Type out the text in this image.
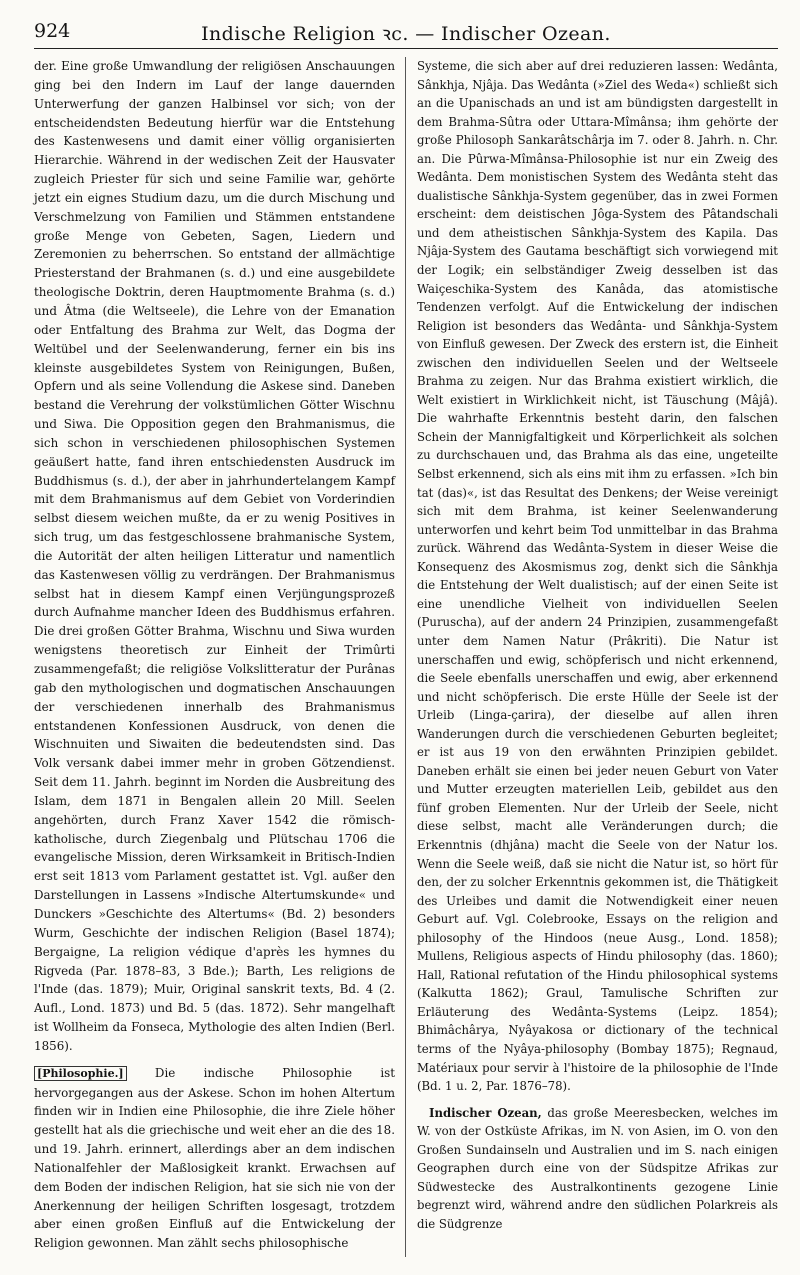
924	Indische Religion ꝛc. — Indischer Ozean.

der. Eine große Umwandlung der religiösen Anschauungen ging bei den Indern im Lauf der lange dauernden Unterwerfung der ganzen Halbinsel vor sich; von der entscheidendsten Bedeutung hierfür war die Entstehung des Kastenwesens und damit einer völlig organisierten Hierarchie. Während in der wedischen Zeit der Hausvater zugleich Priester für sich und seine Familie war, gehörte jetzt ein eignes Studium dazu, um die durch Mischung und Verschmelzung von Familien und Stämmen entstandene große Menge von Gebeten, Sagen, Liedern und Zeremonien zu beherrschen. So entstand der allmächtige Priesterstand der Brahmanen (s. d.) und eine ausgebildete theologische Doktrin, deren Hauptmomente Brahma (s. d.) und Âtma (die Weltseele), die Lehre von der Emanation oder Entfaltung des Brahma zur Welt, das Dogma der Weltübel und der Seelenwanderung, ferner ein bis ins kleinste ausgebildetes System von Reinigungen, Bußen, Opfern und als seine Vollendung die Askese sind. Daneben bestand die Verehrung der volkstümlichen Götter Wischnu und Siwa. Die Opposition gegen den Brahmanismus, die sich schon in verschiedenen philosophischen Systemen geäußert hatte, fand ihren entschiedensten Ausdruck im Buddhismus (s. d.), der aber in jahrhundertelangem Kampf mit dem Brahmanismus auf dem Gebiet von Vorderindien selbst diesem weichen mußte, da er zu wenig Positives in sich trug, um das festgeschlossene brahmanische System, die Autorität der alten heiligen Litteratur und namentlich das Kastenwesen völlig zu verdrängen. Der Brahmanismus selbst hat in diesem Kampf einen Verjüngungsprozeß durch Aufnahme mancher Ideen des Buddhismus erfahren. Die drei großen Götter Brahma, Wischnu und Siwa wurden wenigstens theoretisch zur Einheit der Trimûrti zusammengefaßt; die religiöse Volkslitteratur der Purânas gab den mythologischen und dogmatischen Anschauungen der verschiedenen innerhalb des Brahmanismus entstandenen Konfessionen Ausdruck, von denen die Wischnuiten und Siwaiten die bedeutendsten sind. Das Volk versank dabei immer mehr in groben Götzendienst. Seit dem 11. Jahrh. beginnt im Norden die Ausbreitung des Islam, dem 1871 in Bengalen allein 20 Mill. Seelen angehörten, durch Franz Xaver 1542 die römisch-katholische, durch Ziegenbalg und Plütschau 1706 die evangelische Mission, deren Wirksamkeit in Britisch-Indien erst seit 1813 vom Parlament gestattet ist. Vgl. außer den Darstellungen in Lassens »Indische Altertumskunde« und Dunckers »Geschichte des Altertums« (Bd. 2) besonders Wurm, Geschichte der indischen Religion (Basel 1874); Bergaigne, La religion védique d'après les hymnes du Rigveda (Par. 1878–83, 3 Bde.); Barth, Les religions de l'Inde (das. 1879); Muir, Original sanskrit texts, Bd. 4 (2. Aufl., Lond. 1873) und Bd. 5 (das. 1872). Sehr mangelhaft ist Wollheim da Fonseca, Mythologie des alten Indien (Berl. 1856).

[Philosophie.]	Die indische Philosophie ist hervorgegangen aus der Askese. Schon im hohen Altertum finden wir in Indien eine Philosophie, die ihre Ziele höher gestellt hat als die griechische und weit eher an die des 18. und 19. Jahrh. erinnert, allerdings aber an dem indischen Nationalfehler der Maßlosigkeit krankt. Erwachsen auf dem Boden der indischen Religion, hat sie sich nie von der Anerkennung der heiligen Schriften losgesagt, trotzdem aber einen großen Einfluß auf die Entwickelung der Religion gewonnen. Man zählt sechs philosophische

Systeme, die sich aber auf drei reduzieren lassen: Wedânta, Sânkhja, Njâja. Das Wedânta (»Ziel des Weda«) schließt sich an die Upanischads an und ist am bündigsten dargestellt in dem Brahma-Sûtra oder Uttara-Mîmânsa; ihm gehörte der große Philosoph Sankarâtschârja im 7. oder 8. Jahrh. n. Chr. an. Die Pûrwa-Mîmânsa-Philosophie ist nur ein Zweig des Wedânta. Dem monistischen System des Wedânta steht das dualistische Sânkhja-System gegenüber, das in zwei Formen erscheint: dem deistischen Jôga-System des Pâtandschali und dem atheistischen Sânkhja-System des Kapila. Das Njâja-System des Gautama beschäftigt sich vorwiegend mit der Logik; ein selbständiger Zweig desselben ist das Waiçeschika-System des Kanâda, das atomistische Tendenzen verfolgt. Auf die Entwickelung der indischen Religion ist besonders das Wedânta- und Sânkhja-System von Einfluß gewesen. Der Zweck des erstern ist, die Einheit zwischen den individuellen Seelen und der Weltseele Brahma zu zeigen. Nur das Brahma existiert wirklich, die Welt existiert in Wirklichkeit nicht, ist Täuschung (Mâjâ). Die wahrhafte Erkenntnis besteht darin, den falschen Schein der Mannigfaltigkeit und Körperlichkeit als solchen zu durchschauen und, das Brahma als das eine, ungeteilte Selbst erkennend, sich als eins mit ihm zu erfassen. »Ich bin tat (das)«, ist das Resultat des Denkens; der Weise vereinigt sich mit dem Brahma, ist keiner Seelenwanderung unterworfen und kehrt beim Tod unmittelbar in das Brahma zurück. Während das Wedânta-System in dieser Weise die Konsequenz des Akosmismus zog, denkt sich die Sânkhja die Entstehung der Welt dualistisch; auf der einen Seite ist eine unendliche Vielheit von individuellen Seelen (Puruscha), auf der andern 24 Prinzipien, zusammengefaßt unter dem Namen Natur (Prâkriti). Die Natur ist unerschaffen und ewig, schöpferisch und nicht erkennend, die Seele ebenfalls unerschaffen und ewig, aber erkennend und nicht schöpferisch. Die erste Hülle der Seele ist der Urleib (Linga-çarira), der dieselbe auf allen ihren Wanderungen durch die verschiedenen Geburten begleitet; er ist aus 19 von den erwähnten Prinzipien gebildet. Daneben erhält sie einen bei jeder neuen Geburt von Vater und Mutter erzeugten materiellen Leib, gebildet aus den fünf groben Elementen. Nur der Urleib der Seele, nicht diese selbst, macht alle Veränderungen durch; die Erkenntnis (dhjâna) macht die Seele von der Natur los. Wenn die Seele weiß, daß sie nicht die Natur ist, so hört für den, der zu solcher Erkenntnis gekommen ist, die Thätigkeit des Urleibes und damit die Notwendigkeit einer neuen Geburt auf. Vgl. Colebrooke, Essays on the religion and philosophy of the Hindoos (neue Ausg., Lond. 1858); Mullens, Religious aspects of Hindu philosophy (das. 1860); Hall, Rational refutation of the Hindu philosophical systems (Kalkutta 1862); Graul, Tamulische Schriften zur Erläuterung des Wedânta-Systems (Leipz. 1854); Bhimâchârya, Nyâyakosa or dictionary of the technical terms of the Nyâya-philosophy (Bombay 1875); Regnaud, Matériaux pour servir à l'histoire de la philosophie de l'Inde (Bd. 1 u. 2, Par. 1876–78).

Indischer Ozean, das große Meeresbecken, welches im W. von der Ostküste Afrikas, im N. von Asien, im O. von den Großen Sundainseln und Australien und im S. nach einigen Geographen durch eine von der Südspitze Afrikas zur Südwestecke des Australkontinents gezogene Linie begrenzt wird, während andre den südlichen Polarkreis als die Südgrenze
